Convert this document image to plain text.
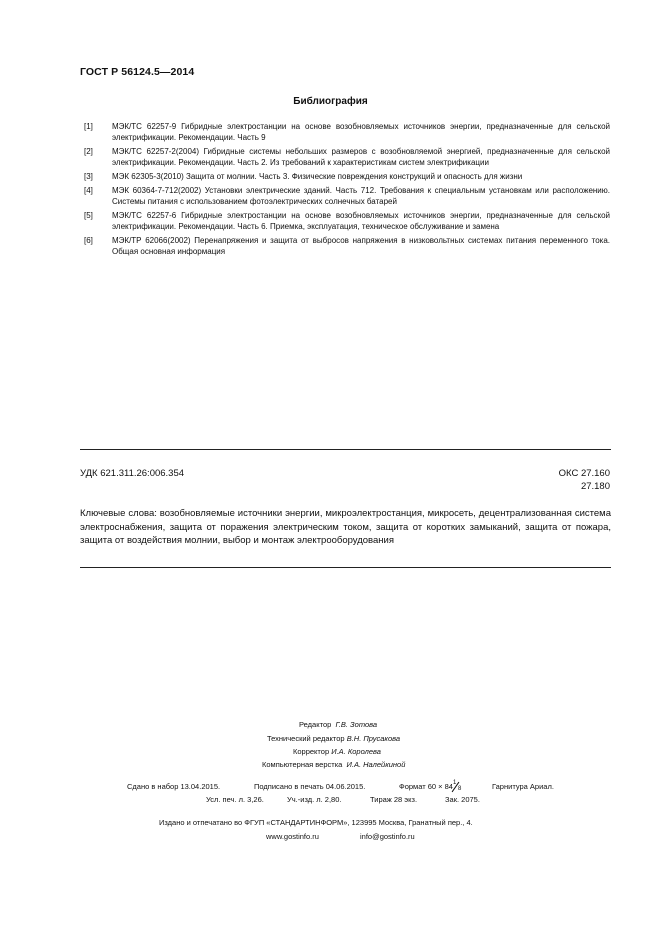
ГОСТ Р 56124.5—2014
Библиография
[1]	МЭК/ТС 62257-9 Гибридные электростанции на основе возобновляемых источников энергии, предназначенные для сельской электрификации. Рекомендации. Часть 9
[2]	МЭК/ТС 62257-2(2004) Гибридные системы небольших размеров с возобновляемой энергией, предназначенные для сельской электрификации. Рекомендации. Часть 2. Из требований к характеристикам систем электрификации
[3]	МЭК 62305-3(2010) Защита от молнии. Часть 3. Физические повреждения конструкций и опасность для жизни
[4]	МЭК 60364-7-712(2002) Установки электрические зданий. Часть 712. Требования к специальным установкам или расположению. Системы питания с использованием фотоэлектрических солнечных батарей
[5]	МЭК/ТС 62257-6 Гибридные электростанции на основе возобновляемых источников энергии, предназначенные для сельской электрификации. Рекомендации. Часть 6. Приемка, эксплуатация, техническое обслуживание и замена
[6]	МЭК/ТР 62066(2002) Перенапряжения и защита от выбросов напряжения в низковольтных системах питания переменного тока. Общая основная информация
УДК 621.311.26:006.354	ОКС 27.160
27.180
Ключевые слова: возобновляемые источники энергии, микроэлектростанция, микросеть, децентрализованная система электроснабжения, защита от поражения электрическим током, защита от коротких замыканий, защита от пожара, защита от воздействия молнии, выбор и монтаж электрооборудования
Редактор Г.В. Зотова
Технический редактор В.Н. Прусакова
Корректор И.А. Королева
Компьютерная верстка И.А. Налейкиной
Сдано в набор 13.04.2015.	Подписано в печать 04.06.2015.	Формат 60 × 84 1
8	Гарнитура Ариал.
Усл. печ. л. 3,26.	Уч.-изд. л. 2,80.	Тираж 28 экз.	Зак. 2075.
Издано и отпечатано во ФГУП «СТАНДАРТИНФОРМ», 123995 Москва, Гранатный пер., 4.
www.gostinfo.ru	info@gostinfo.ru
